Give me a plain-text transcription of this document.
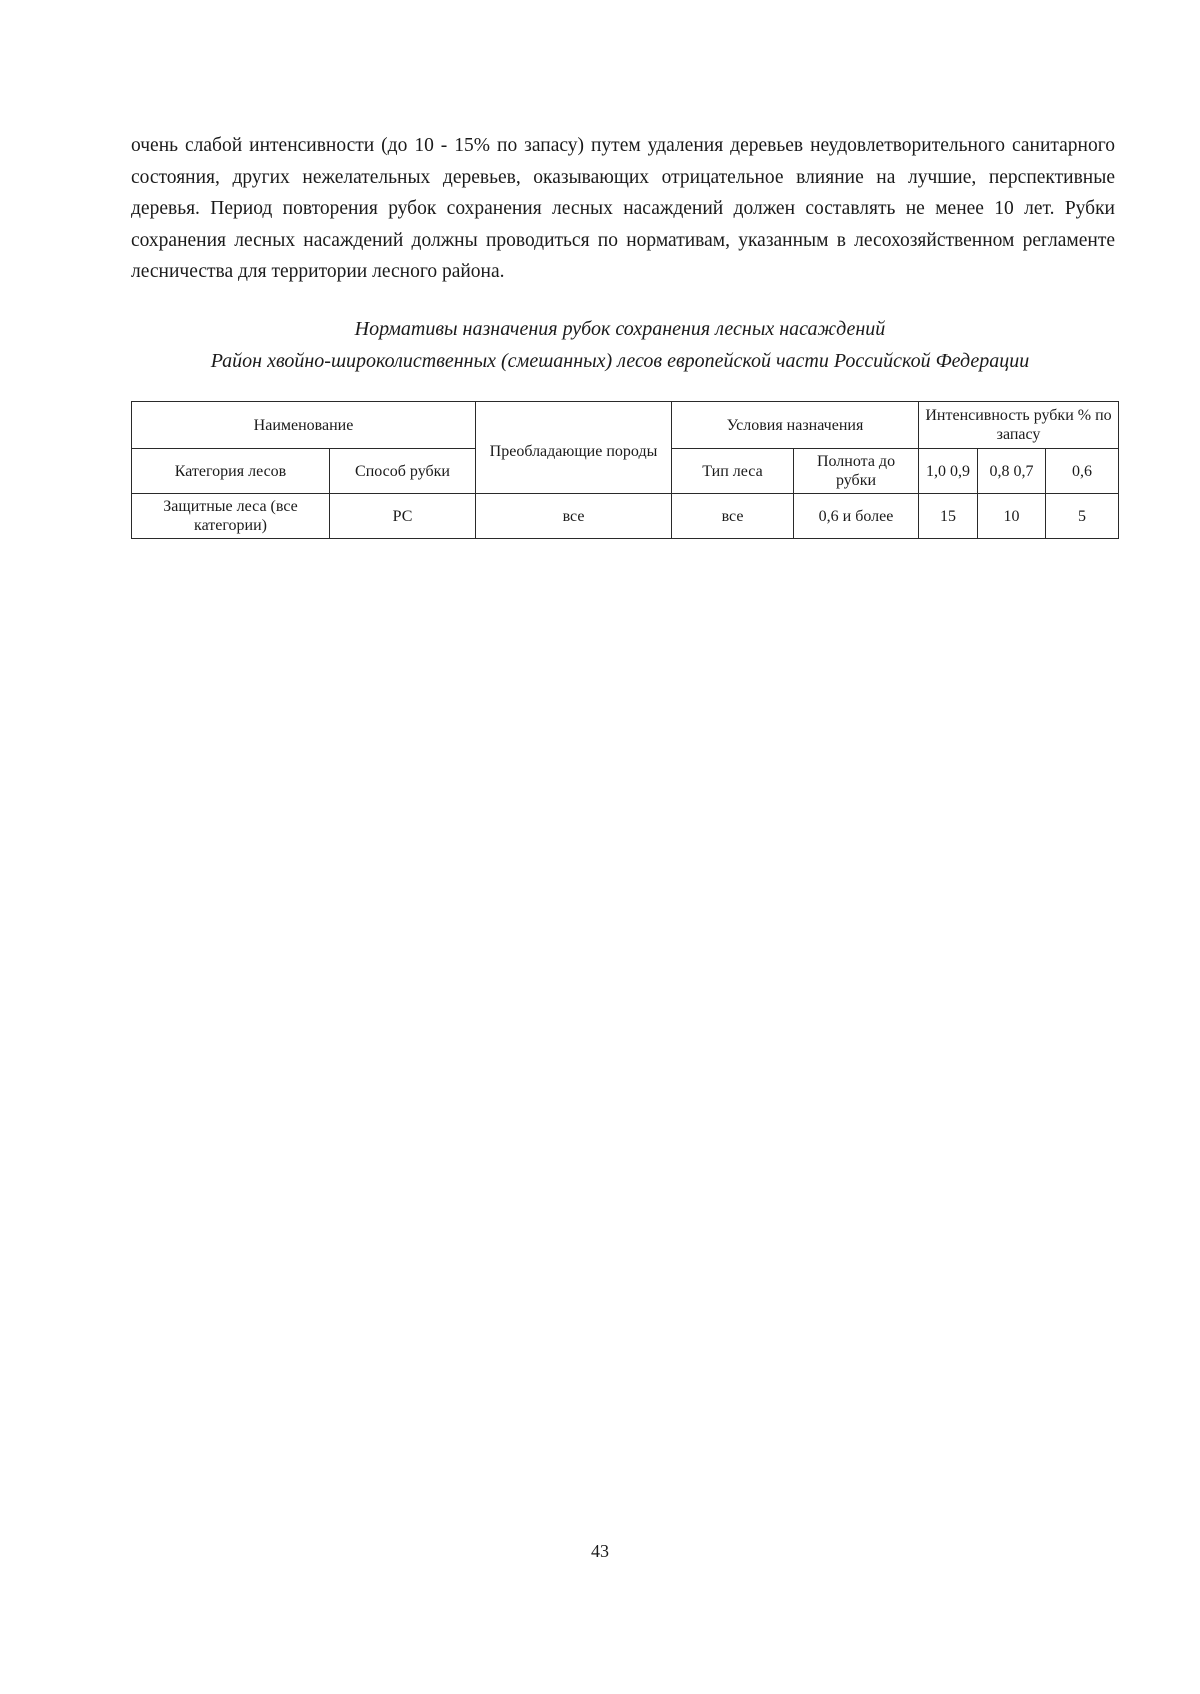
очень слабой интенсивности (до 10 - 15% по запасу) путем удаления деревьев неудовлетворительного санитарного состояния, других нежелательных деревьев, оказывающих отрицательное влияние на лучшие, перспективные деревья. Период повторения рубок сохранения лесных насаждений должен составлять не менее 10 лет. Рубки сохранения лесных насаждений должны проводиться по нормативам, указанным в лесохозяйственном регламенте лесничества для территории лесного района.

Нормативы назначения рубок сохранения лесных насаждений

Район хвойно-широколиственных (смешанных) лесов европейской части Российской Федерации

Наименование		Преобладающие породы	Условия назначения		Интенсивность рубки % по запасу		
Категория лесов	Способ рубки		Тип леса	Полнота до рубки	1,0 0,9	0,8 0,7	0,6
Защитные леса (все категории)	РС	все	все	0,6 и более	15	10	5
43
